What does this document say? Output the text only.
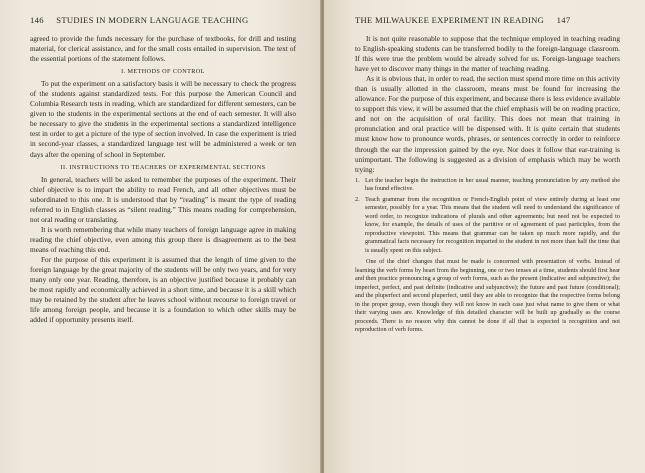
146 STUDIES IN MODERN LANGUAGE TEACHING

agreed to provide the funds necessary for the purchase of textbooks, for drill and testing material, for clerical assistance, and for the small costs entailed in supervision. The text of the essential portions of the statement follows.

I. METHODS OF CONTROL

To put the experiment on a satisfactory basis it will be necessary to check the progress of the students against standardized tests. For this purpose the American Council and Columbia Research tests in reading, which are standardized for different semesters, can be given to the students in the experimental sections at the end of each semester. It will also be necessary to give the students in the experimental sections a standardized intelligence test in order to get a picture of the type of section involved. In case the experiment is tried in second-year classes, a standardized language test will be administered a week or ten days after the opening of school in September.

II. INSTRUCTIONS TO TEACHERS OF EXPERIMENTAL SECTIONS

In general, teachers will be asked to remember the purposes of the experiment. Their chief objective is to impart the ability to read French, and all other objectives must be subordinated to this one. It is understood that by “reading” is meant the type of reading referred to in English classes as “silent reading.” This means reading for comprehension, not oral reading or translating.

It is worth remembering that while many teachers of foreign language agree in making reading the chief objective, even among this group there is disagreement as to the best means of reaching this end.

For the purpose of this experiment it is assumed that the length of time given to the foreign language by the great majority of the students will be only two years, and for very many only one year. Reading, therefore, is an objective justified because it probably can be most rapidly and economically achieved in a short time, and because it is a skill which may be retained by the student after he leaves school without recourse to foreign travel or life among foreign people, and because it is a foundation to which other skills may be added if opportunity presents itself.

THE MILWAUKEE EXPERIMENT IN READING 147

It is not quite reasonable to suppose that the technique employed in teaching reading to English-speaking students can be transferred bodily to the foreign-language classroom. If this were true the problem would be already solved for us. Foreign-language teachers have yet to discover many things in the matter of teaching reading.

As it is obvious that, in order to read, the section must spend more time on this activity than is usually allotted in the classroom, means must be found for increasing the allowance. For the purpose of this experiment, and because there is less evidence available to support this view, it will be assumed that the chief emphasis will be on reading practice, and not on the acquisition of oral facility. This does not mean that training in pronunciation and oral practice will be dispensed with. It is quite certain that students must know how to pronounce words, phrases, or sentences correctly in order to reinforce through the ear the impression gained by the eye. Nor does it follow that ear-training is unimportant. The following is suggested as a division of emphasis which may be worth trying:

1. Let the teacher begin the instruction in her usual manner, teaching pronunciation by any method she has found effective.
2. Teach grammar from the recognition or French-English point of view entirely during at least one semester, possibly for a year. This means that the student will need to understand the significance of word order, to recognize indications of plurals and other agreements; but need not be expected to know, for example, the details of uses of the partitive or of agreement of past participles, from the reproductive viewpoint. This means that grammar can be taken up much more rapidly, and the grammatical facts necessary for recognition imparted to the student in not more than half the time that is usually spent on this subject.

One of the chief changes that must be made is concerned with presentation of verbs. Instead of learning the verb forms by heart from the beginning, one or two tenses at a time, students should first hear and then practice pronouncing a group of verb forms, such as the present (indicative and subjunctive); the imperfect, perfect, and past definite (indicative and subjunctive); the future and past future (conditional); and the pluperfect and second pluperfect, until they are able to recognize that the respective forms belong in the proper group, even though they will not know in each case just what name to give them or what their varying uses are. Knowledge of this detailed character will be built up gradually as the course proceeds. There is no reason why this cannot be done if all that is expected is recognition and not reproduction of verb forms.
